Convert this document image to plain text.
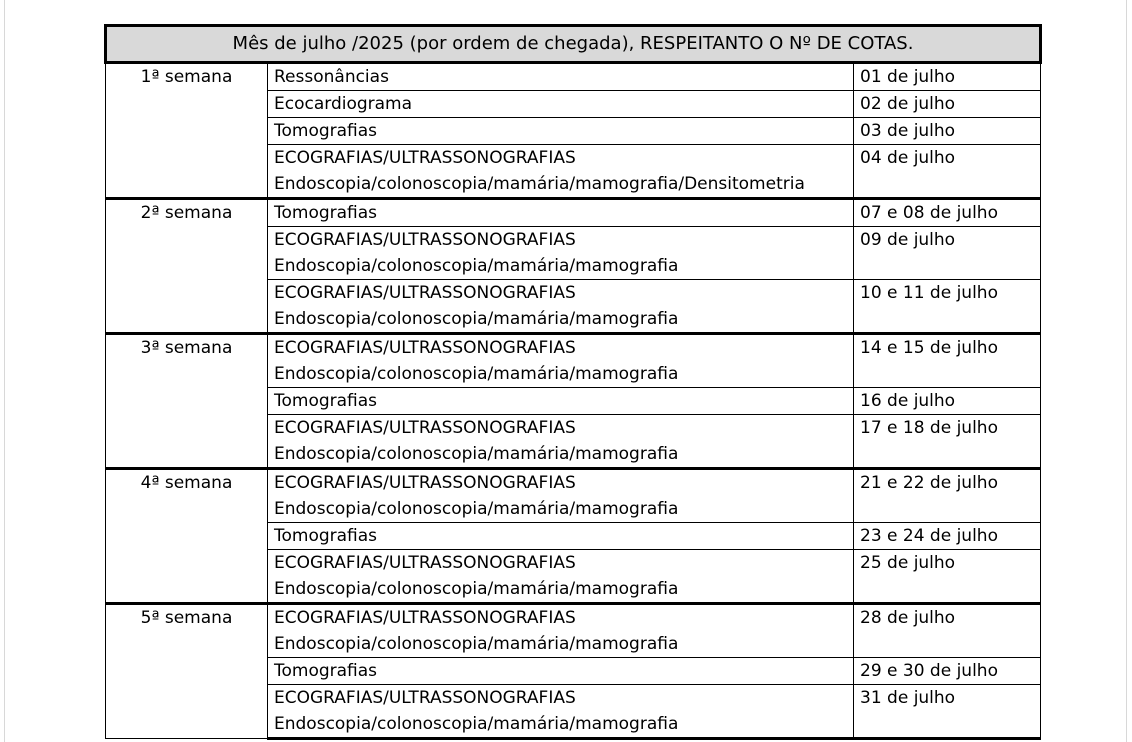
Mês de julho /2025 (por ordem de chegada), RESPEITANTO O Nº DE COTAS.		
1ª semana	Ressonâncias	01 de julho

	Ecocardiograma	02 de julho

	Tomografias	03 de julho

	ECOGRAFIAS/ULTRASSONOGRAFIAS
Endoscopia/colonoscopia/mamária/mamografia/Densitometria	04 de julho
2ª semana	Tomografias	07 e 08 de julho

	ECOGRAFIAS/ULTRASSONOGRAFIAS
Endoscopia/colonoscopia/mamária/mamografia	09 de julho

	ECOGRAFIAS/ULTRASSONOGRAFIAS
Endoscopia/colonoscopia/mamária/mamografia	10 e 11 de julho
3ª semana	ECOGRAFIAS/ULTRASSONOGRAFIAS
Endoscopia/colonoscopia/mamária/mamografia	14 e 15 de julho

	Tomografias	16 de julho

	ECOGRAFIAS/ULTRASSONOGRAFIAS
Endoscopia/colonoscopia/mamária/mamografia	17 e 18 de julho
4ª semana	ECOGRAFIAS/ULTRASSONOGRAFIAS
Endoscopia/colonoscopia/mamária/mamografia	21 e 22 de julho

	Tomografias	23 e 24 de julho

	ECOGRAFIAS/ULTRASSONOGRAFIAS
Endoscopia/colonoscopia/mamária/mamografia	25 de julho
5ª semana	ECOGRAFIAS/ULTRASSONOGRAFIAS
Endoscopia/colonoscopia/mamária/mamografia	28 de julho

	Tomografias	29 e 30 de julho

	ECOGRAFIAS/ULTRASSONOGRAFIAS
Endoscopia/colonoscopia/mamária/mamografia	31 de julho
